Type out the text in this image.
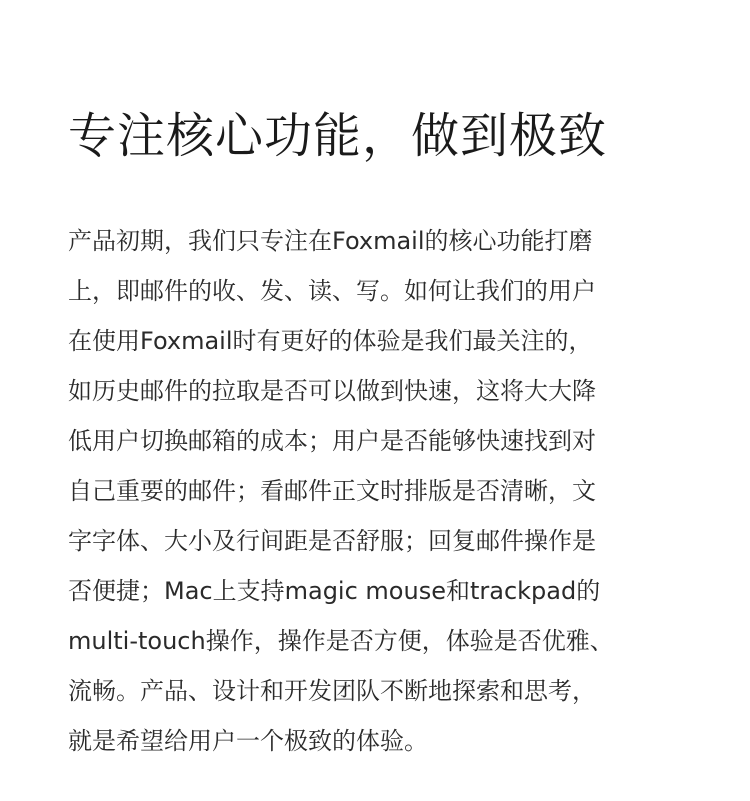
专注核心功能，做到极致
产品初期，我们只专注在Foxmail的核心功能打磨
上，即邮件的收、发、读、写。如何让我们的用户
在使用Foxmail时有更好的体验是我们最关注的，
如历史邮件的拉取是否可以做到快速，这将大大降
低用户切换邮箱的成本；用户是否能够快速找到对
自己重要的邮件；看邮件正文时排版是否清晰，文
字字体、大小及行间距是否舒服；回复邮件操作是
否便捷；Mac上支持magic mouse和trackpad的
multi-touch操作，操作是否方便，体验是否优雅、
流畅。产品、设计和开发团队不断地探索和思考，
就是希望给用户一个极致的体验。
